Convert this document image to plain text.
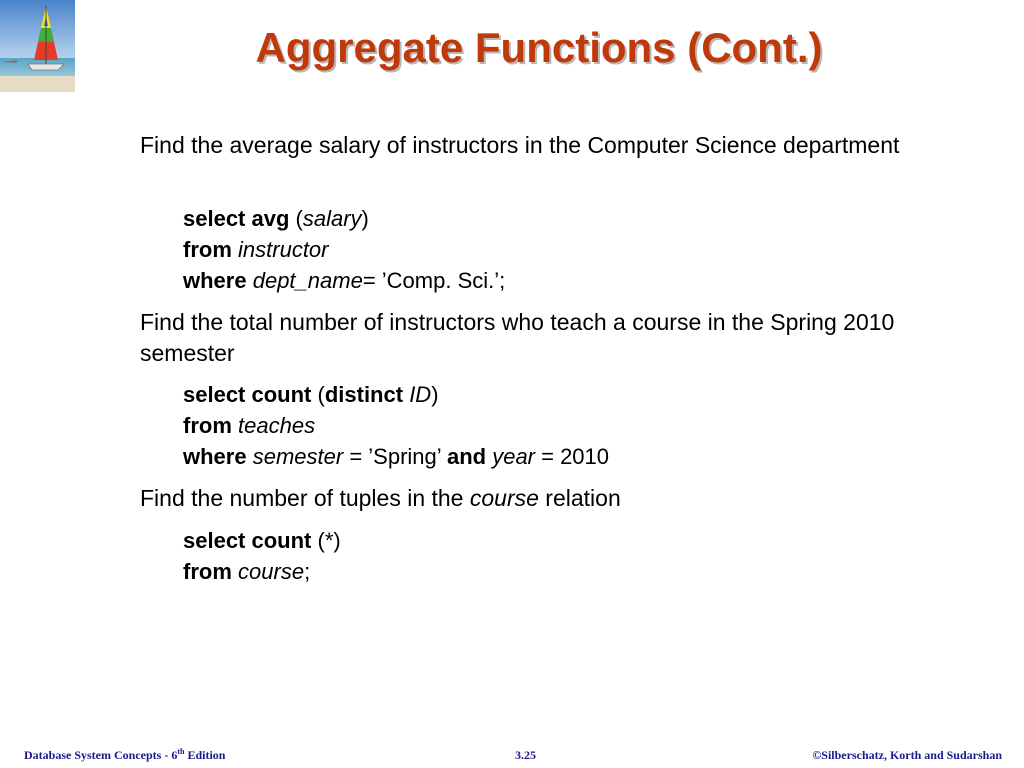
Aggregate Functions (Cont.)
Find the average salary of instructors in the Computer Science department
select avg (salary)
from instructor
where dept_name= ’Comp. Sci.’;
Find the total number of instructors who teach a course in the Spring 2010 semester
select count (distinct ID)
from teaches
where semester = ’Spring’ and year = 2010
Find the number of tuples in the course relation
select count (*)
from course;
Database System Concepts - 6th Edition	3.25	©Silberschatz, Korth and Sudarshan
